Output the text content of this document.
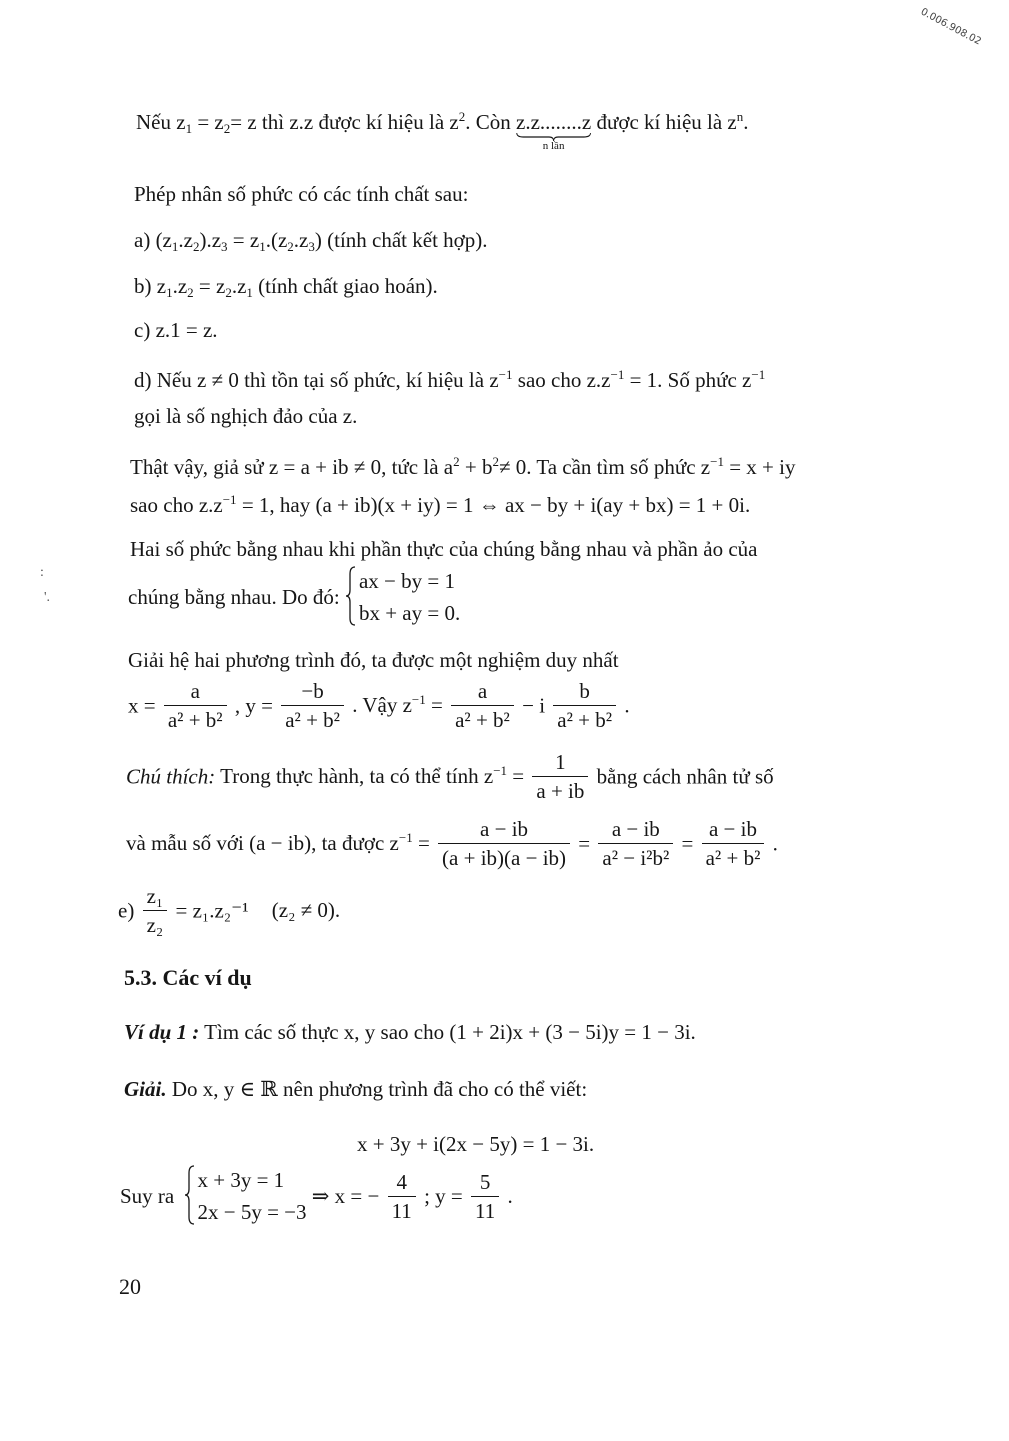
0.006.908.02
:
'.
Nếu $z_1 = z_2= z$ thì z.z được kí hiệu là $z^2$. Còn z.z........z
n lần
được kí hiệu là $z^n$.
Phép nhân số phức có các tính chất sau:
a) $(z_1.z_2).z_3 = z_1.(z_2.z_3)$ (tính chất kết hợp).
b) $z_1.z_2 = z_2.z_1$ (tính chất giao hoán).
c) z.1 = z.
d) Nếu z ≠ 0 thì tồn tại số phức, kí hiệu là $z^{-1}$ sao cho $z.z^{-1} = 1$. Số phức $z^{-1}$
gọi là số nghịch đảo của z.
Thật vậy, giả sử z = a + ib ≠ 0, tức là $a^2 + b^2\ne 0$. Ta cần tìm số phức $z^{-1} = x$ + iy
sao cho $z.z^{-1} = 1$, hay (a + ib)(x + iy) = 1 ⇔ ax − by + i(ay + bx) = 1 + 0i.
Hai số phức bằng nhau khi phần thực của chúng bằng nhau và phần ảo của
chúng bằng nhau. Do đó:
ax − by = 1
bx + ay = 0.
Giải hệ hai phương trình đó, ta được một nghiệm duy nhất
$x = \frac{a}{\text{a² + b²}}$ , $y = \frac{-b}{\text{a² + b²}}$ . Vậy $z^{-1} = \frac{a}{\text{a² + b²}} - i \frac{b}{\text{a² + b²}}$ .
Chú thích: Trong thực hành, ta có thể tính $z^{-1} = \frac{1}{a + ib}$ bằng cách nhân tử số
và mẫu số với (a − ib), ta được $z^{-1} = \frac{a - ib}{(a + ib)(a - ib)} = \frac{a - ib}{\text{a² − i²b²}} = \frac{a - ib}{\text{a² + b²}}$ .
$e) \frac{\text{z₁}}{\text{z₂}} = z_1.z_2^{-1}$ (z₂ ≠ 0).
5.3. Các ví dụ
Ví dụ 1 : Tìm các số thực x, y sao cho (1 + 2i)x + (3 − 5i)y = 1 − 3i.
Giải. Do x, y ∈ ℝ nên phương trình đã cho có thể viết:
x + 3y + i(2x − 5y) = 1 − 3i.
Suy ra
x + 3y = 1
2x − 5y = −3
⇒ x = − $\frac{4}{11}$ ; $y = \frac{5}{11}$ .
20
